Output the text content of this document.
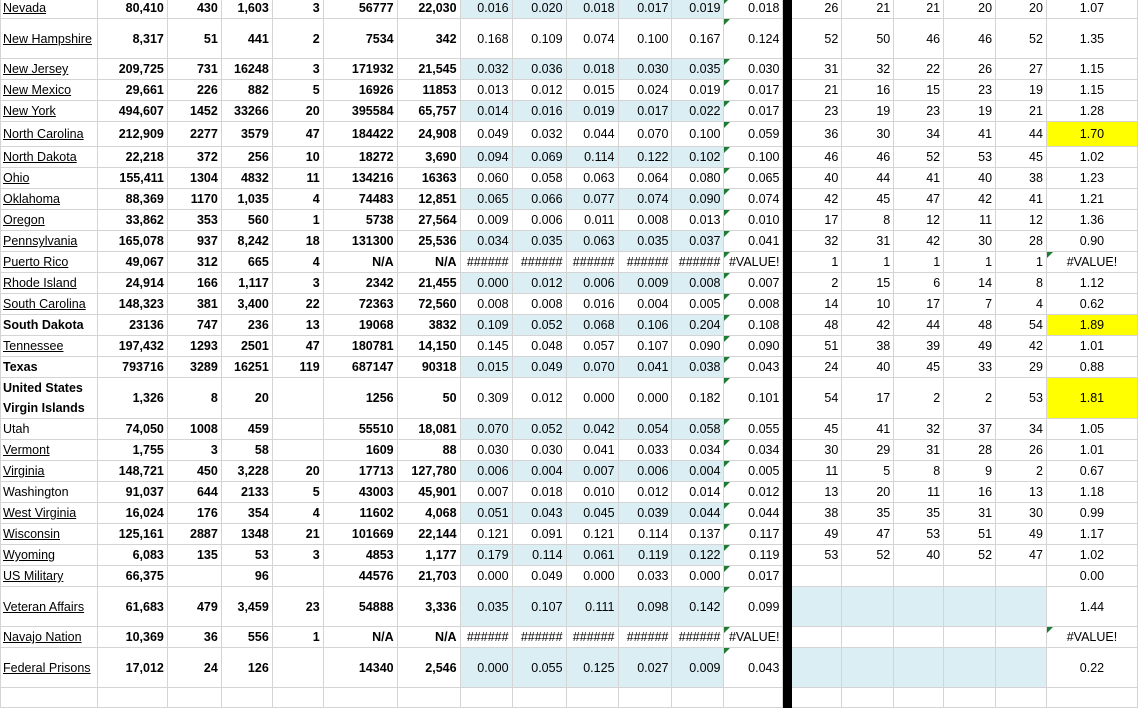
Nevada	80,410	430	1,603	3	56777	22,030	0.016	0.020	0.018	0.017	0.019	0.018		26	21	21	20	20	1.07
New Hampshire	8,317	51	441	2	7534	342	0.168	0.109	0.074	0.100	0.167	0.124		52	50	46	46	52	1.35
New Jersey	209,725	731	16248	3	171932	21,545	0.032	0.036	0.018	0.030	0.035	0.030		31	32	22	26	27	1.15
New Mexico	29,661	226	882	5	16926	11853	0.013	0.012	0.015	0.024	0.019	0.017		21	16	15	23	19	1.15
New York	494,607	1452	33266	20	395584	65,757	0.014	0.016	0.019	0.017	0.022	0.017		23	19	23	19	21	1.28
North Carolina	212,909	2277	3579	47	184422	24,908	0.049	0.032	0.044	0.070	0.100	0.059		36	30	34	41	44	1.70
North Dakota	22,218	372	256	10	18272	3,690	0.094	0.069	0.114	0.122	0.102	0.100		46	46	52	53	45	1.02
Ohio	155,411	1304	4832	11	134216	16363	0.060	0.058	0.063	0.064	0.080	0.065		40	44	41	40	38	1.23
Oklahoma	88,369	1170	1,035	4	74483	12,851	0.065	0.066	0.077	0.074	0.090	0.074		42	45	47	42	41	1.21
Oregon	33,862	353	560	1	5738	27,564	0.009	0.006	0.011	0.008	0.013	0.010		17	8	12	11	12	1.36
Pennsylvania	165,078	937	8,242	18	131300	25,536	0.034	0.035	0.063	0.035	0.037	0.041		32	31	42	30	28	0.90
Puerto Rico	49,067	312	665	4	N/A	N/A	######	######	######	######	######	#VALUE!		1	1	1	1	1	#VALUE!
Rhode Island	24,914	166	1,117	3	2342	21,455	0.000	0.012	0.006	0.009	0.008	0.007		2	15	6	14	8	1.12
South Carolina	148,323	381	3,400	22	72363	72,560	0.008	0.008	0.016	0.004	0.005	0.008		14	10	17	7	4	0.62
South Dakota	23136	747	236	13	19068	3832	0.109	0.052	0.068	0.106	0.204	0.108		48	42	44	48	54	1.89
Tennessee	197,432	1293	2501	47	180781	14,150	0.145	0.048	0.057	0.107	0.090	0.090		51	38	39	49	42	1.01
Texas	793716	3289	16251	119	687147	90318	0.015	0.049	0.070	0.041	0.038	0.043		24	40	45	33	29	0.88
United States Virgin Islands	1,326	8	20		1256	50	0.309	0.012	0.000	0.000	0.182	0.101		54	17	2	2	53	1.81
Utah	74,050	1008	459		55510	18,081	0.070	0.052	0.042	0.054	0.058	0.055		45	41	32	37	34	1.05
Vermont	1,755	3	58		1609	88	0.030	0.030	0.041	0.033	0.034	0.034		30	29	31	28	26	1.01
Virginia	148,721	450	3,228	20	17713	127,780	0.006	0.004	0.007	0.006	0.004	0.005		11	5	8	9	2	0.67
Washington	91,037	644	2133	5	43003	45,901	0.007	0.018	0.010	0.012	0.014	0.012		13	20	11	16	13	1.18
West Virginia	16,024	176	354	4	11602	4,068	0.051	0.043	0.045	0.039	0.044	0.044		38	35	35	31	30	0.99
Wisconsin	125,161	2887	1348	21	101669	22,144	0.121	0.091	0.121	0.114	0.137	0.117		49	47	53	51	49	1.17
Wyoming	6,083	135	53	3	4853	1,177	0.179	0.114	0.061	0.119	0.122	0.119		53	52	40	52	47	1.02
US Military	66,375		96		44576	21,703	0.000	0.049	0.000	0.033	0.000	0.017							0.00
Veteran Affairs	61,683	479	3,459	23	54888	3,336	0.035	0.107	0.111	0.098	0.142	0.099							1.44
Navajo Nation	10,369	36	556	1	N/A	N/A	######	######	######	######	######	#VALUE!							#VALUE!
Federal Prisons	17,012	24	126		14340	2,546	0.000	0.055	0.125	0.027	0.009	0.043							0.22
